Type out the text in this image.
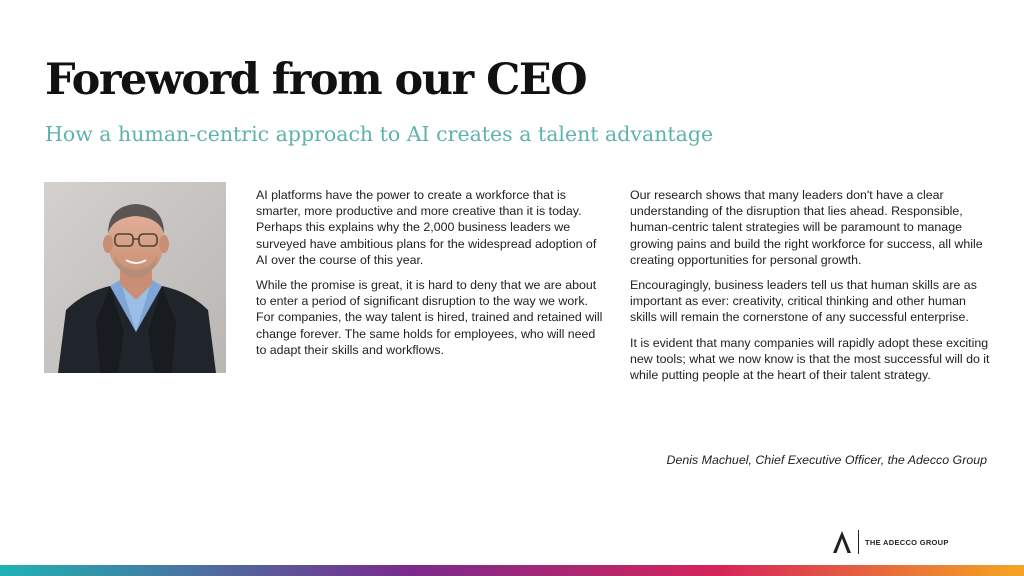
Foreword from our CEO
How a human-centric approach to AI creates a talent advantage

AI platforms have the power to create a workforce that is smarter, more productive and more creative than it is today. Perhaps this explains why the 2,000 business leaders we surveyed have ambitious plans for the widespread adoption of AI over the course of this year.

While the promise is great, it is hard to deny that we are about to enter a period of significant disruption to the way we work. For companies, the way talent is hired, trained and retained will change forever. The same holds for employees, who will need to adapt their skills and workflows.

Our research shows that many leaders don't have a clear understanding of the disruption that lies ahead. Responsible, human-centric talent strategies will be paramount to manage growing pains and build the right workforce for success, all while creating opportunities for personal growth.

Encouragingly, business leaders tell us that human skills are as important as ever: creativity, critical thinking and other human skills will remain the cornerstone of any successful enterprise.

It is evident that many companies will rapidly adopt these exciting new tools; what we now know is that the most successful will do it while putting people at the heart of their talent strategy.

Denis Machuel, Chief Executive Officer, the Adecco Group
THE ADECCO GROUP
